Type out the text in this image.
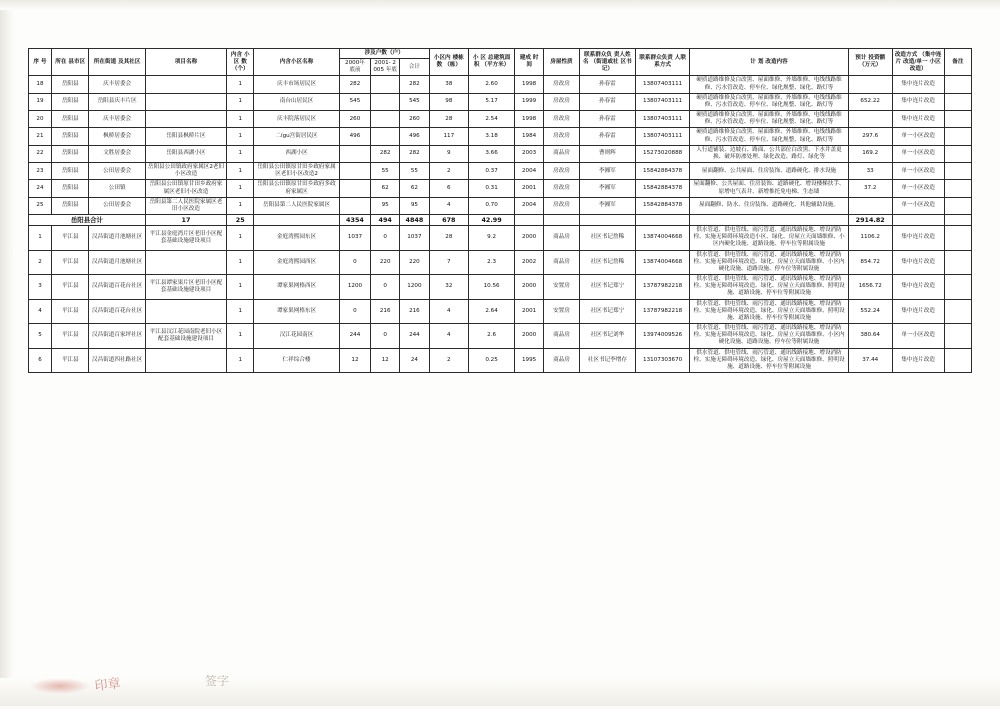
序 号	所在 县市区	所在街道 及其社区	项目名称	内含 小区 数 （个）	内含小区名称	涉及户数（户）			小区内 楼栋数 （栋）	小 区 总建筑面积 （平方米）	建成 时间	房屋性质	联系群众负 责人姓名 （街道或社 区书记）	联系群众负责 人联系方式	计 划 改造内容	预计 投资额 （万元）	改造方式 （集中连片 改造/单一 小区改造）	备注
						2000年 底前	2001- 2005 年底	合计										
18	岳阳县	庆丰居委会		1	庆丰市场居民区	282		282	38	2.60	1998	房改房	孙春雷	13807403111	硬质道路维修及白改黑、屋面维修、外墙维修、电线线路维修、污水管改造、停车位、绿化规整、绿化、路灯等		集中连片改造	
19	岳阳县	岳阳县庆丰片区		1	南台山居民区	545		545	98	5.17	1999	房改房	孙春雷	13807403111	硬质道路维修及白改黑、屋面维修、外墙维修、电线线路维修、污水管改造、停车位、绿化规整、绿化、路灯等	652.22	集中连片改造	
20	岳阳县	庆丰居委会		1	庆丰院落居民区	260		260	28	2.54	1998	房改房	孙春雷	13807403111	硬质道路维修及白改黑、屋面维修、外墙维修、电线线路维修、污水管改造、停车位、绿化规整、绿化、路灯等		集中连片改造	
21	岳阳县	枫桥居委会	岳阳县枫桥片区	1	二ígu宫街居民区	496		496	117	3.18	1984	房改房	孙春雷	13807403111	硬质道路维修及白改黑、屋面维修、外墙维修、电线线路维修、污水管改造、停车位、绿化规整、绿化、路灯等	297.6	单一小区改造	
22	岳阳县	文胜居委会	岳阳县西湖小区	1	西湖小区		282	282	9	3.66	2003	商品房	曹则辉	15273020888	人行道铺装、边坡石、路面、公共部位白改黑、下水井盖更换、破坏防渗处理、绿化改造、路灯、绿化等	169.2	单一小区改造	
23	岳阳县	公田居委会	岳阳县公田镇政府家属区2老旧小区改造	1	岳阳县公田镇原甘田乡政府家属区老旧小区改造2		55	55	2	0.37	2004	房改房	李湘军	15842884378	屋面翻修、公共屋面、住房装饰、道路硬化、排水设施	33	单一小区改造	
24	岳阳县	公田镇	岳阳县公田镇原甘田乡政府家属区老旧小区改造	1	岳阳县公田镇原甘田乡政府多政府家属区		62	62	6	0.31	2001	房改房	李湘军	15842884378	屋面翻修、公共屋面、住房装饰、道路硬化、增设楼梯扶手、原增电气表井、新增推托免电梯、生态墙	37.2	单一小区改造	
25	岳阳县	公田居委会	岳阳县第二人民医院家属区老旧小区改造	1	岳阳县第二人民医院家属区		95	95	4	0.70	2004	房改房	李湘军	15842884378	屋面翻修、防水、住房装饰、道路硬化、其他辅助设施。		单一小区改造	
岳阳县合计			17	25		4354	494	4848	678	42.99						2914.82		
1	平江县	汉昌街道月池塘社区	平江县金庭湾片区老旧小区配套基础设施建设项目	1	金庭湾熙园东区	1037	0	1037	28	9.2	2000	商品房	社区书记詹稀	13874004668	供水管道、供电管线、雨污管道、通讯线路接地、增设消防栓、实施无障碍环境改造小区、绿化、房屋立天面墙维修、小区内硬化设施、道路设施、停车位等附属设施	1106.2	集中连片改造	
2	平江县	汉昌街道月池塘社区		1	金庭湾熙园西区	0	220	220	7	2.3	2002	商品房	社区书记詹稀	13874004668	供水管道、供电管线、雨污管道、通讯线路接地、增设消防栓、实施无障碍环境改造、绿化、房屋立天面墙维修、小区内硬化设施、道路设施、停车位等附属设施	854.72	集中连片改造	
3	平江县	汉昌街道百花台社区	平江县谭家果片区老旧小区配套基础设施建设项目	1	谭家果网格西区	1200	0	1200	32	10.56	2000	安置房	社区书记郑宁	13787982218	供水管道、供电管线、雨污管道、通讯线路接地、增设消防栓、实施无障碍环境改造、绿化、房屋立天面墙维修、照明设施、道路设施、停车位等附属设施	1656.72	集中连片改造	
4	平江县	汉昌街道百花台社区		1	谭家果网格东区	0	216	216	4	2.64	2001	安置房	社区书记郑宁	13787982218	供水管道、供电管线、雨污管道、通讯线路接地、增设消防栓、实施无障碍环境改造、绿化、房屋立天面墙维修、照明设施、道路设施、停车位等附属设施	552.24	集中连片改造	
5	平江县	汉昌街道百家坪社区	平江县汉江花园南院老旧小区配套基础设施建设项目	1	汉江花园南区	244	0	244	4	2.6	2000	商品房	社区书记刘华	13974009526	供水管道、供电管线、雨污管道、通讯线路接地、增设消防栓、实施无障碍环境改造、绿化、房屋立天面墙维修、小区内硬化设施、道路设施、停车位等附属设施	380.64	单一小区改造	
6	平江县	汉昌街道四社路社区		1	仁祥综合楼	12	12	24	2	0.25	1995	商品房	社区书记李增存	13107303670	供水管道、供电管线、雨污管道、通讯线路接地、增设消防栓、实施无障碍环境改造、绿化、房屋立天面墙维修、照明设施、道路设施、停车位等附属设施	37.44	集中连片改造	
印章	签字
